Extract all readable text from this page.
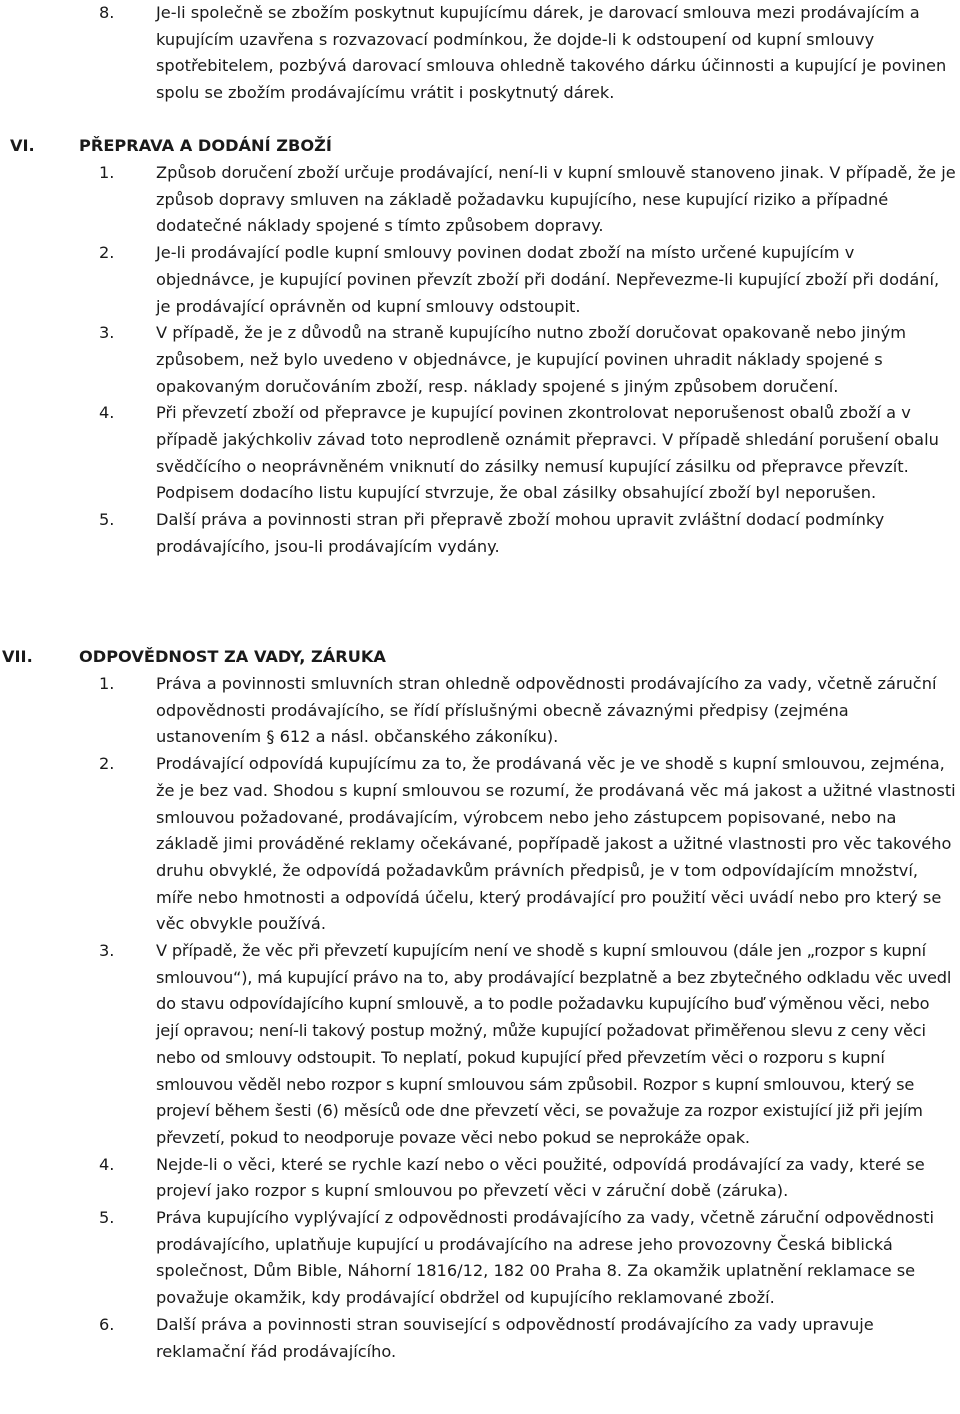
8.	Je-li společně se zbožím poskytnut kupujícímu dárek, je darovací smlouva mezi prodávajícím a kupujícím uzavřena s rozvazovací podmínkou, že dojde-li k odstoupení od kupní smlouvy spotřebitelem, pozbývá darovací smlouva ohledně takového dárku účinnosti a kupující je povinen spolu se zbožím prodávajícímu vrátit i poskytnutý dárek.
VI.	PŘEPRAVA A DODÁNÍ ZBOŽÍ
1.	Způsob doručení zboží určuje prodávající, není-li v kupní smlouvě stanoveno jinak. V případě, že je způsob dopravy smluven na základě požadavku kupujícího, nese kupující riziko a případné dodatečné náklady spojené s tímto způsobem dopravy.
2.	Je-li prodávající podle kupní smlouvy povinen dodat zboží na místo určené kupujícím v objednávce, je kupující povinen převzít zboží při dodání. Nepřevezme-li kupující zboží při dodání, je prodávající oprávněn od kupní smlouvy odstoupit.
3.	V případě, že je z důvodů na straně kupujícího nutno zboží doručovat opakovaně nebo jiným způsobem, než bylo uvedeno v objednávce, je kupující povinen uhradit náklady spojené s opakovaným doručováním zboží, resp. náklady spojené s jiným způsobem doručení.
4.	Při převzetí zboží od přepravce je kupující povinen zkontrolovat neporušenost obalů zboží a v případě jakýchkoliv závad toto neprodleně oznámit přepravci. V případě shledání porušení obalu svědčícího o neoprávněném vniknutí do zásilky nemusí kupující zásilku od přepravce převzít. Podpisem dodacího listu kupující stvrzuje, že obal zásilky obsahující zboží byl neporušen.
5.	Další práva a povinnosti stran při přepravě zboží mohou upravit zvláštní dodací podmínky prodávajícího, jsou-li prodávajícím vydány.
VII.	ODPOVĚDNOST ZA VADY, ZÁRUKA
1.	Práva a povinnosti smluvních stran ohledně odpovědnosti prodávajícího za vady, včetně záruční odpovědnosti prodávajícího, se řídí příslušnými obecně závaznými předpisy (zejména ustanovením § 612 a násl. občanského zákoníku).
2.	Prodávající odpovídá kupujícímu za to, že prodávaná věc je ve shodě s kupní smlouvou, zejména, že je bez vad. Shodou s kupní smlouvou se rozumí, že prodávaná věc má jakost a užitné vlastnosti smlouvou požadované, prodávajícím, výrobcem nebo jeho zástupcem popisované, nebo na základě jimi prováděné reklamy očekávané, popřípadě jakost a užitné vlastnosti pro věc takového druhu obvyklé, že odpovídá požadavkům právních předpisů, je v tom odpovídajícím množství, míře nebo hmotnosti a odpovídá účelu, který prodávající pro použití věci uvádí nebo pro který se věc obvykle používá.
3.	V případě, že věc při převzetí kupujícím není ve shodě s kupní smlouvou (dále jen „rozpor s kupní smlouvou“), má kupující právo na to, aby prodávající bezplatně a bez zbytečného odkladu věc uvedl do stavu odpovídajícího kupní smlouvě, a to podle požadavku kupujícího buď výměnou věci, nebo její opravou; není-li takový postup možný, může kupující požadovat přiměřenou slevu z ceny věci nebo od smlouvy odstoupit. To neplatí, pokud kupující před převzetím věci o rozporu s kupní smlouvou věděl nebo rozpor s kupní smlouvou sám způsobil. Rozpor s kupní smlouvou, který se projeví během šesti (6) měsíců ode dne převzetí věci, se považuje za rozpor existující již při jejím převzetí, pokud to neodporuje povaze věci nebo pokud se neprokáže opak.
4.	Nejde-li o věci, které se rychle kazí nebo o věci použité, odpovídá prodávající za vady, které se projeví jako rozpor s kupní smlouvou po převzetí věci v záruční době (záruka).
5.	Práva kupujícího vyplývající z odpovědnosti prodávajícího za vady, včetně záruční odpovědnosti prodávajícího, uplatňuje kupující u prodávajícího na adrese jeho provozovny Česká biblická společnost, Dům Bible, Náhorní 1816/12, 182 00 Praha 8. Za okamžik uplatnění reklamace se považuje okamžik, kdy prodávající obdržel od kupujícího reklamované zboží.
6.	Další práva a povinnosti stran související s odpovědností prodávajícího za vady upravuje reklamační řád prodávajícího.
